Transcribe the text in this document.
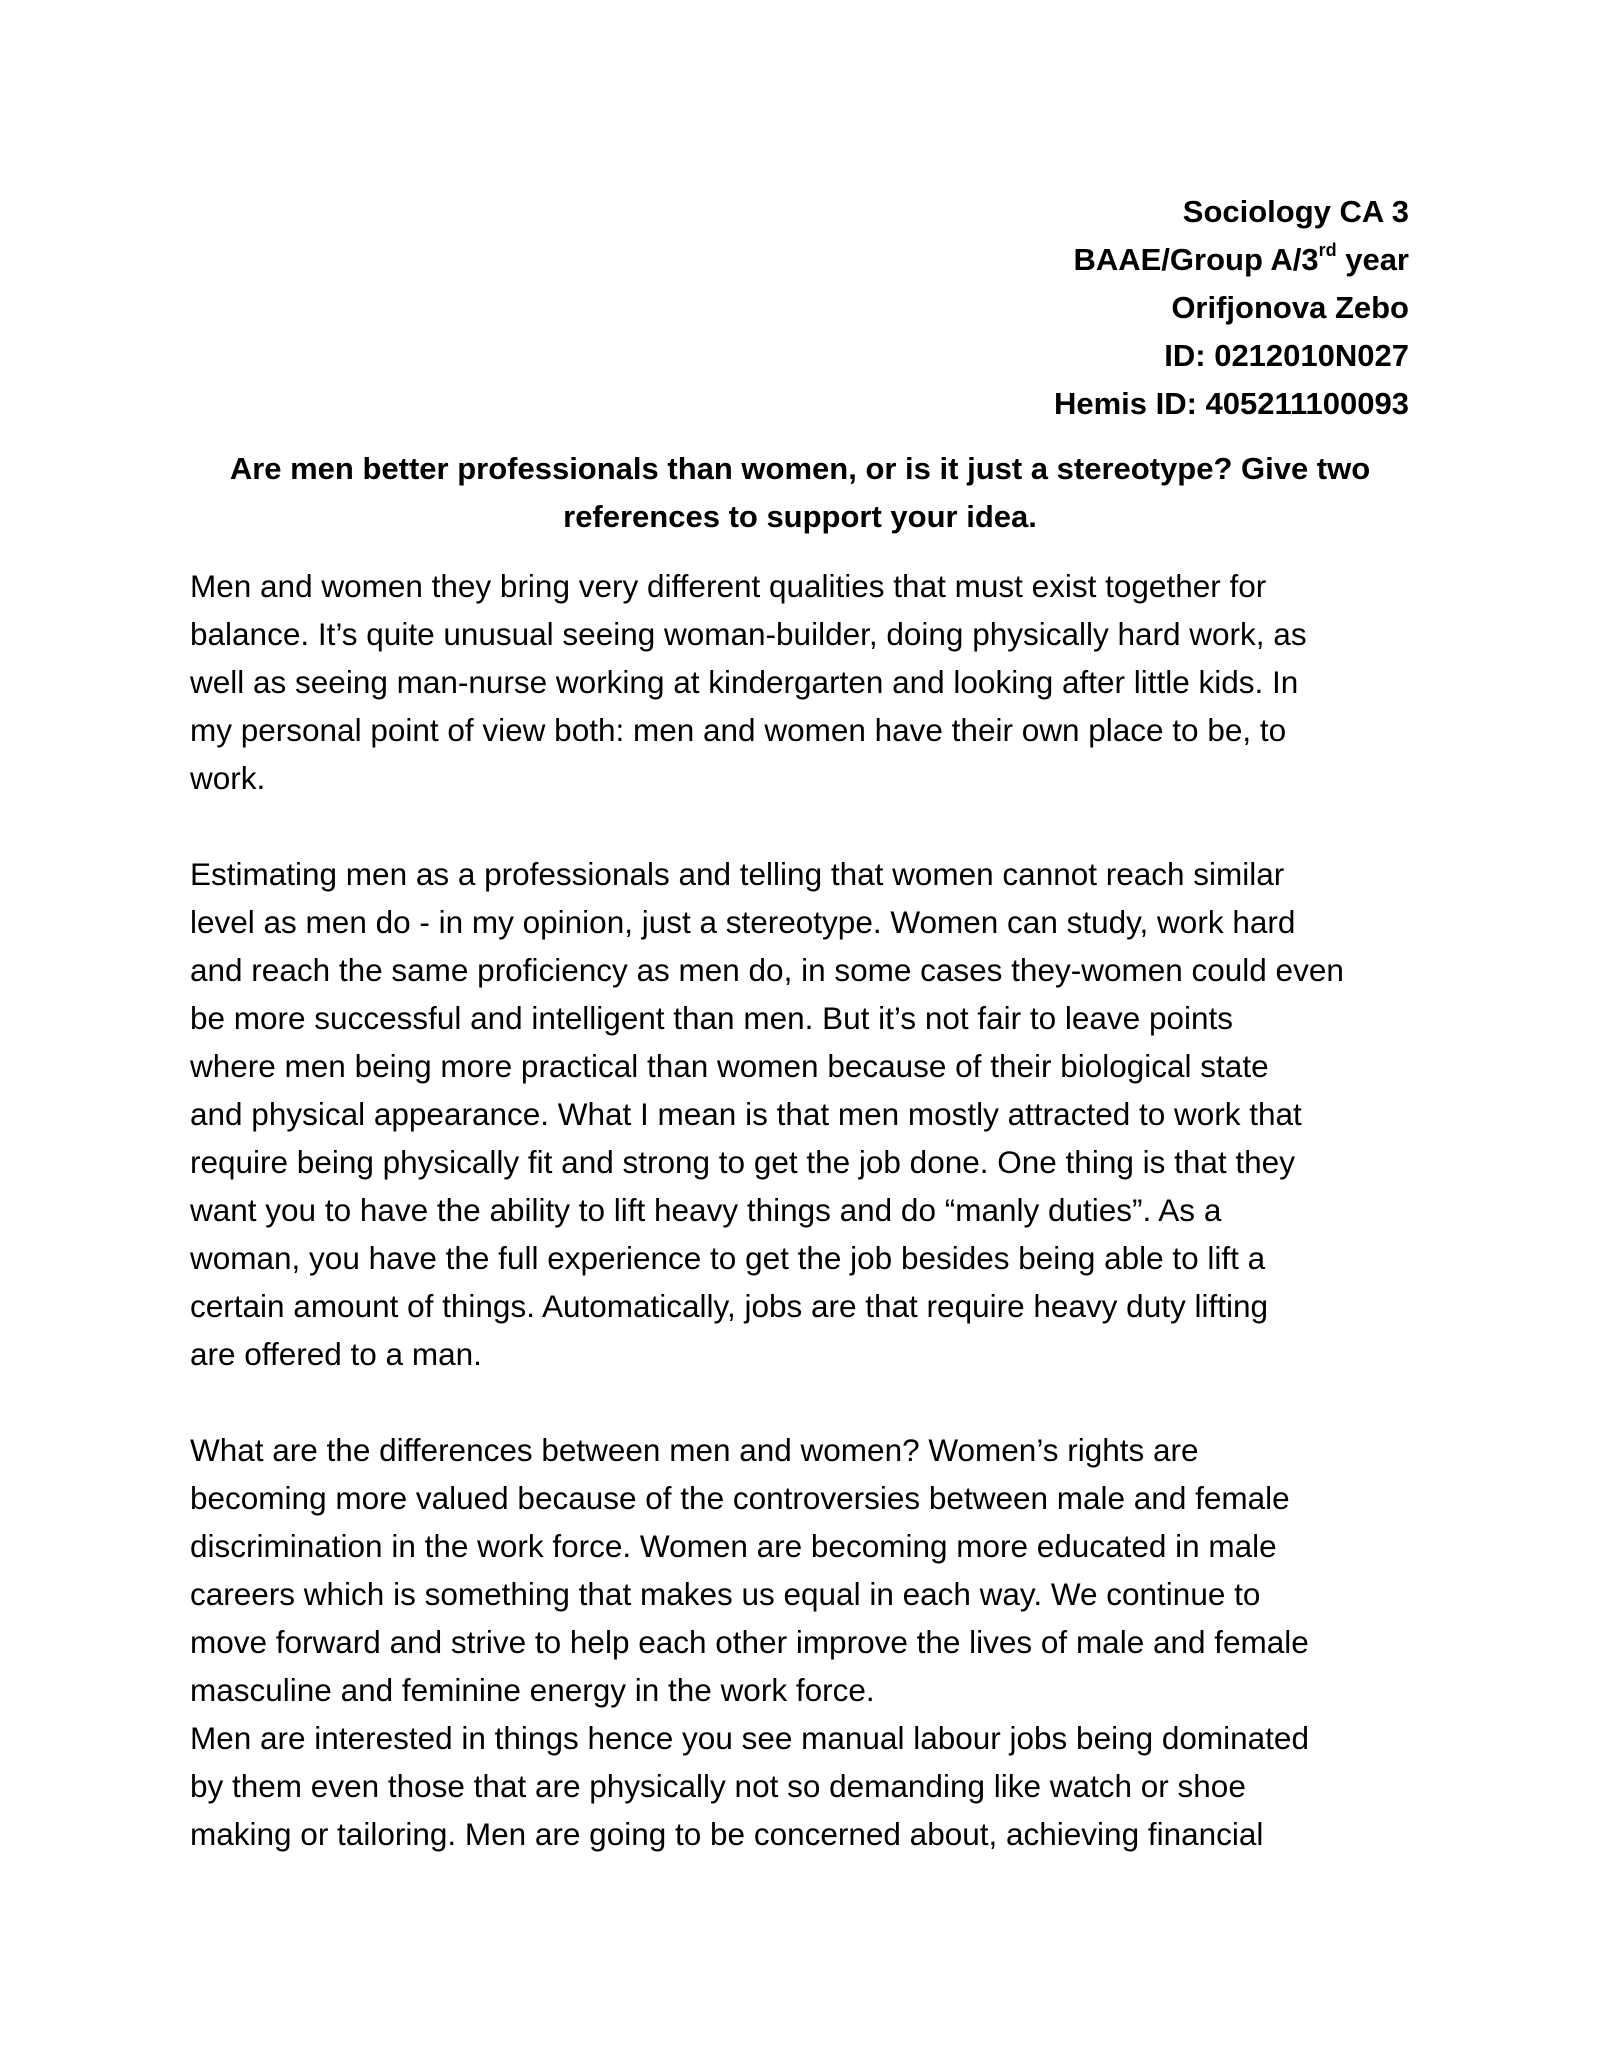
Sociology CA 3
BAAE/Group A/3rd year
Orifjonova Zebo
ID: 0212010N027
Hemis ID: 405211100093
Are men better professionals than women, or is it just a stereotype? Give two
references to support your idea.
Men and women they bring very different qualities that must exist together for
balance. It’s quite unusual seeing woman-builder, doing physically hard work, as
well as seeing man-nurse working at kindergarten and looking after little kids. In
my personal point of view both: men and women have their own place to be, to
work.
Estimating men as a professionals and telling that women cannot reach similar
level as men do - in my opinion, just a stereotype. Women can study, work hard
and reach the same proficiency as men do, in some cases they-women could even
be more successful and intelligent than men. But it’s not fair to leave points
where men being more practical than women because of their biological state
and physical appearance. What I mean is that men mostly attracted to work that
require being physically fit and strong to get the job done. One thing is that they
want you to have the ability to lift heavy things and do “manly duties”. As a
woman, you have the full experience to get the job besides being able to lift a
certain amount of things. Automatically, jobs are that require heavy duty lifting
are offered to a man.
What are the differences between men and women? Women’s rights are
becoming more valued because of the controversies between male and female
discrimination in the work force. Women are becoming more educated in male
careers which is something that makes us equal in each way. We continue to
move forward and strive to help each other improve the lives of male and female
masculine and feminine energy in the work force.
Men are interested in things hence you see manual labour jobs being dominated
by them even those that are physically not so demanding like watch or shoe
making or tailoring. Men are going to be concerned about, achieving financial
